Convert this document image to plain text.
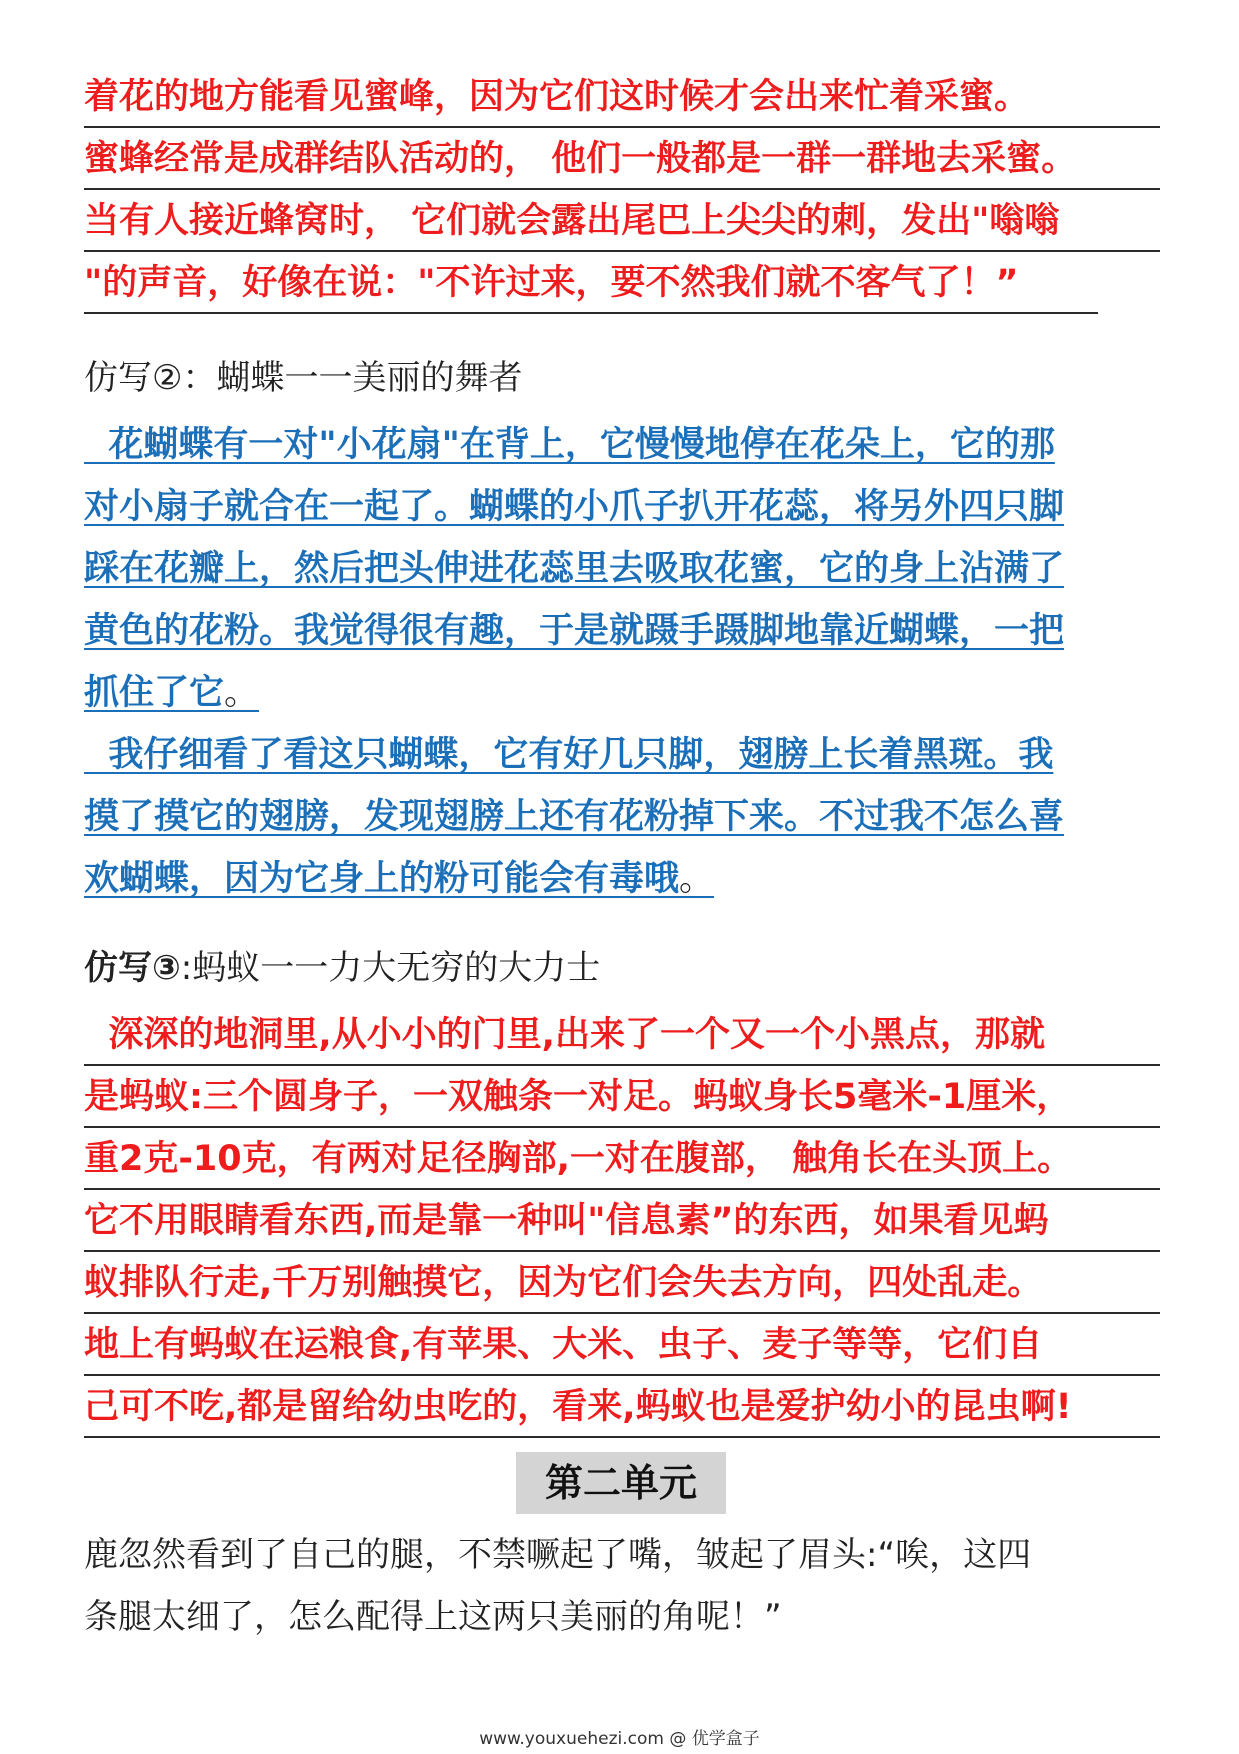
着花的地方能看见蜜峰，因为它们这时候才会出来忙着采蜜。
蜜蜂经常是成群结队活动的， 他们一般都是一群一群地去采蜜。
当有人接近蜂窝时， 它们就会露出尾巴上尖尖的刺，发出"嗡嗡
"的声音，好像在说："不许过来，要不然我们就不客气了！”
仿写②：蝴蝶一一美丽的舞者
花蝴蝶有一对"小花扇"在背上，它慢慢地停在花朵上，它的那
对小扇子就合在一起了。蝴蝶的小爪子扒开花蕊，将另外四只脚
踩在花瓣上，然后把头伸进花蕊里去吸取花蜜，它的身上沾满了
黄色的花粉。我觉得很有趣，于是就蹑手蹑脚地靠近蝴蝶，一把
抓住了它。
我仔细看了看这只蝴蝶，它有好几只脚，翅膀上长着黑斑。我
摸了摸它的翅膀，发现翅膀上还有花粉掉下来。不过我不怎么喜
欢蝴蝶，因为它身上的粉可能会有毒哦。
仿写③:蚂蚁一一力大无穷的大力士
深深的地洞里,从小小的门里,出来了一个又一个小黑点，那就
是蚂蚁:三个圆身子，一双触条一对足。蚂蚁身长5毫米-1厘米，
重2克-10克，有两对足径胸部,一对在腹部， 触角长在头顶上。
它不用眼睛看东西,而是靠一种叫"信息素”的东西，如果看见蚂
蚁排队行走,千万别触摸它，因为它们会失去方向，四处乱走。
地上有蚂蚁在运粮食,有苹果、大米、虫子、麦子等等，它们自
己可不吃,都是留给幼虫吃的，看来,蚂蚁也是爱护幼小的昆虫啊!
第二单元
鹿忽然看到了自己的腿，不禁噘起了嘴，皱起了眉头:“唉，这四
条腿太细了，怎么配得上这两只美丽的角呢！”
www.youxuehezi.com @ 优学盒子
